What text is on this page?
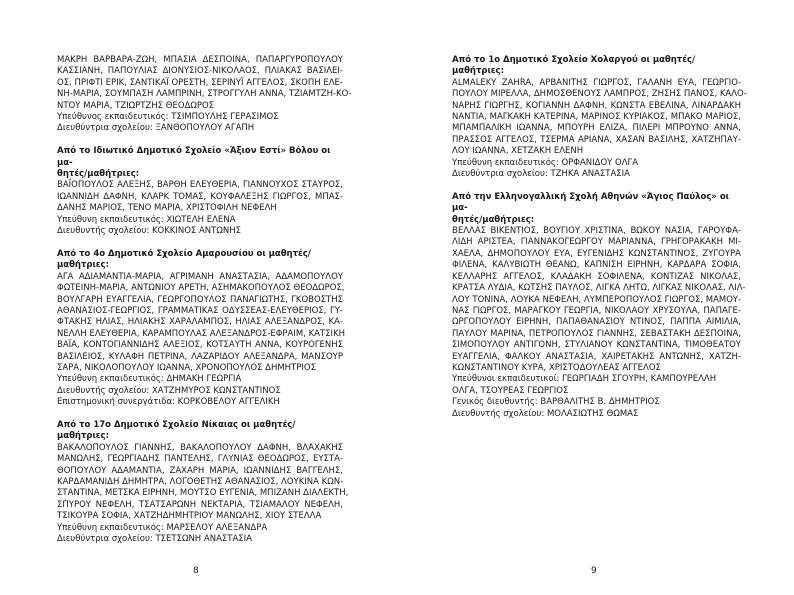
ΜΑΚΡΗ ΒΑΡΒΑΡΑ-ΖΩΗ, ΜΠΑΣΙΑ ΔΕΣΠΟΙΝΑ, ΠΑΠΑΡΓΥΡΟΠΟΥΛΟΥ
ΚΑΣΣΙΑΝΗ, ΠΑΠΟΥΛΙΑΣ ΔΙΟΝΥΣΙΟΣ-ΝΙΚΟΛΑΟΣ, ΠΛΙΑΚΑΣ ΒΑΣΙΛΕΙ-
ΟΣ, ΠΡΙΦΤΙ ΕΡΙΚ, ΣΑΝΤΙΚΑΪ ΟΡΕΣΤΗ, ΣΕΡΙΝΥΪ ΑΓΓΕΛΟΣ, ΣΚΟΠΗ ΕΛΕ-
ΝΗ-ΜΑΡΙΑ, ΣΟΥΜΠΑΣΗ ΛΑΜΠΡΙΝΗ, ΣΤΡΟΓΓΥΛΗ ΑΝΝΑ, ΤΖΙΑΜΤΖΗ-ΚΟ-
ΝΤΟΥ ΜΑΡΙΑ, ΤΖΙΩΡΤΖΗΣ ΘΕΟΔΩΡΟΣ
Υπεύθυνος εκπαιδευτικός: ΤΣΙΜΠΟΥΛΗΣ ΓΕΡΑΣΙΜΟΣ
Διευθύντρια σχολείου: ΞΑΝΘΟΠΟΥΛΟΥ ΑΓΑΠΗ
Από το Ιδιωτικό Δημοτικό Σχολείο «Άξιον Εστί» Βόλου οι μα-
θητές/μαθήτριες:
ΒΑΪΟΠΟΥΛΟΣ ΑΛΕΞΗΣ, ΒΑΡΘΗ ΕΛΕΥΘΕΡΙΑ, ΓΙΑΝΝΟΥΧΟΣ ΣΤΑΥΡΟΣ,
ΙΩΑΝΝΙΔΗ ΔΑΦΝΗ, ΚΛΑΡΚ ΤΟΜΑΣ, ΚΟΥΦΑΛΕΞΗΣ ΓΙΩΡΓΟΣ, ΜΠΑΣ-
ΔΑΝΗΣ ΜΑΡΙΟΣ, ΤΕΝΟ ΜΑΡΙΑ, ΧΡΙΣΤΟΦΙΛΗ ΝΕΦΕΛΗ
Υπεύθυνη εκπαιδευτικός: ΧΙΩΤΕΛΗ ΕΛΕΝΑ
Διευθυντής σχολείου: ΚΟΚΚΙΝΟΣ ΑΝΤΩΝΗΣ
Από το 4ο Δημοτικό Σχολείο Αμαρουσίου οι μαθητές/μαθήτριες:
ΑΓΑ ΑΔΙΑΜΑΝΤΙΑ-ΜΑΡΙΑ, ΑΓΡΙΜΑΝΗ ΑΝΑΣΤΑΣΙΑ, ΑΔΑΜΟΠΟΥΛΟΥ
ΦΩΤΕΙΝΗ-ΜΑΡΙΑ, ΑΝΤΩΝΙΟΥ ΑΡΕΤΗ, ΑΣΗΜΑΚΟΠΟΥΛΟΣ ΘΕΟΔΩΡΟΣ,
ΒΟΥΛΓΑΡΗ ΕΥΑΓΓΕΛΙΑ, ΓΕΩΡΓΟΠΟΥΛΟΣ ΠΑΝΑΓΙΩΤΗΣ, ΓΚΟΒΟΣΤΗΣ
ΑΘΑΝΑΣΙΟΣ-ΓΕΩΡΓΙΟΣ, ΓΡΑΜΜΑΤΙΚΑΣ ΟΔΥΣΣΕΑΣ-ΕΛΕΥΘΕΡΙΟΣ, ΓΥ-
ΦΤΑΚΗΣ ΗΛΙΑΣ, ΗΛΙΑΚΗΣ ΧΑΡΑΛΑΜΠΟΣ, ΗΛΙΑΣ ΑΛΕΞΑΝΔΡΟΣ, ΚΑ-
ΝΕΛΛΗ ΕΛΕΥΘΕΡΙΑ, ΚΑΡΑΜΠΟΥΛΑΣ ΑΛΕΞΑΝΔΡΟΣ-ΕΦΡΑΙΜ, ΚΑΤΣΙΚΗ
ΒΑΪΑ, ΚΟΝΤΟΓΙΑΝΝΙΔΗΣ ΑΛΕΞΙΟΣ, ΚΟΤΣΑΥΤΗ ΑΝΝΑ, ΚΟΥΡΟΓΕΝΗΣ
ΒΑΣΙΛΕΙΟΣ, ΚΥΛΑΦΗ ΠΕΤΡΙΝΑ, ΛΑΖΑΡΙΔΟΥ ΑΛΕΞΑΝΔΡΑ, ΜΑΝΣΟΥΡ
ΣΑΡΑ, ΝΙΚΟΛΟΠΟΥΛΟΥ ΙΩΑΝΝΑ, ΧΡΟΝΟΠΟΥΛΟΣ ΔΗΜΗΤΡΙΟΣ
Υπεύθυνη εκπαιδευτικός: ΔΗΜΑΚΗ ΓΕΩΡΓΙΑ
Διευθυντής σχολείου: ΧΑΤΖΗΜΥΡΟΣ ΚΩΝΣΤΑΝΤΙΝΟΣ
Επιστημονική συνεργάτιδα: ΚΟΡΚΟΒΕΛΟΥ ΑΓΓΕΛΙΚΗ
Από το 17ο Δημοτικό Σχολείο Νίκαιας οι μαθητές/μαθήτριες:
ΒΑΚΑΛΟΠΟΥΛΟΣ ΓΙΑΝΝΗΣ, ΒΑΚΑΛΟΠΟΥΛΟΥ ΔΑΦΝΗ, ΒΛΑΧΑΚΗΣ
ΜΑΝΩΛΗΣ, ΓΕΩΡΓΙΑΔΗΣ ΠΑΝΤΕΛΗΣ, ΓΛΥΝΙΑΣ ΘΕΟΔΩΡΟΣ, ΕΥΣΤΑ-
ΘΟΠΟΥΛΟΥ ΑΔΑΜΑΝΤΙΑ, ΖΑΧΑΡΗ ΜΑΡΙΑ, ΙΩΑΝΝΙΔΗΣ ΒΑΓΓΕΛΗΣ,
ΚΑΡΔΑΜΑΝΙΔΗ ΔΗΜΗΤΡΑ, ΛΟΓΟΘΕΤΗΣ ΑΘΑΝΑΣΙΟΣ, ΛΟΥΚΙΝΑ ΚΩΝ-
ΣΤΑΝΤΙΝΑ, ΜΕΤΣΚΑ ΕΙΡΗΝΗ, ΜΟΥΤΣΟ ΕΥΓΕΝΙΑ, ΜΠΙΖΑΝΗ ΔΙΑΛΕΚΤΗ,
ΣΠΥΡΟΥ ΝΕΦΕΛΗ, ΤΣΑΤΣΑΡΩΝΗ ΝΕΚΤΑΡΙΑ, ΤΣΙΑΜΑΛΟΥ ΝΕΦΕΛΗ,
ΤΣΙΚΟΥΡΑ ΣΟΦΙΑ, ΧΑΤΖΗΔΗΜΗΤΡΙΟΥ ΜΑΝΩΛΗΣ, ΧΙΟΥ ΣΤΕΛΛΑ
Υπεύθυνη εκπαιδευτικός: ΜΑΡΣΕΛΟΥ ΑΛΕΞΑΝΔΡΑ
Διευθύντρια σχολείου: ΤΣΕΤΣΩΝΗ ΑΝΑΣΤΑΣΙΑ
8
Από το 1ο Δημοτικό Σχολείο Χολαργού οι μαθητές/μαθήτριες:
ALMALEKY ZAHRA, ΑΡΒΑΝΙΤΗΣ ΓΙΩΡΓΟΣ, ΓΑΛΑΝΗ ΕΥΑ, ΓΕΩΡΓΙΟ-
ΠΟΥΛΟΥ ΜΙΡΕΛΛΑ, ΔΗΜΟΣΘΕΝΟΥΣ ΛΑΜΠΡΟΣ, ΖΗΣΗΣ ΠΑΝΟΣ, ΚΑΛΟ-
ΝΑΡΗΣ ΓΙΩΡΓΗΣ, ΚΟΓΙΑΝΝΗ ΔΑΦΝΗ, ΚΩΝΣΤΑ ΕΒΕΛΙΝΑ, ΛΙΝΑΡΔΑΚΗ
ΝΑΝΤΙΑ, ΜΑΓΚΑΚΗ ΚΑΤΕΡΙΝΑ, ΜΑΡΙΝΟΣ ΚΥΡΙΑΚΟΣ, ΜΠΑΚΟ ΜΑΡΙΟΣ,
ΜΠΑΜΠΑΛΙΚΗ ΙΩΑΝΝΑ, ΜΠΟΥΡΗ ΕΛΙΖΑ, ΠΙΛΕΡΙ ΜΠΡΟΥΝΟ ΑΝΝΑ,
ΠΡΑΣΣΟΣ ΑΓΓΕΛΟΣ, ΤΣΕΡΜΑ ΑΡΙΑΝΑ, ΧΑΣΑΝ ΒΑΣΙΛΗΣ, ΧΑΤΖΗΠΑΥ-
ΛΟΥ ΙΩΑΝΝΑ, ΧΕΤΖΑΚΗ ΕΛΕΝΗ
Υπεύθυνη εκπαιδευτικός: ΟΡΦΑΝΙΔΟΥ ΟΛΓΑ
Διευθύντρια σχολείου: ΤΖΗΚΑ ΑΝΑΣΤΑΣΙΑ
Από την Ελληνογαλλική Σχολή Αθηνών «Άγιος Παύλος» οι μα-
θητές/μαθήτριες:
ΒΕΛΛΑΣ ΒΙΚΕΝΤΙΟΣ, ΒΟΥΓΙΟΥ ΧΡΙΣΤΙΝΑ, ΒΩΚΟΥ ΝΑΣΙΑ, ΓΑΡΟΥΦΑ-
ΛΙΔΗ ΑΡΙΣΤΕΑ, ΓΙΑΝΝΑΚΟΓΕΩΡΓΟΥ ΜΑΡΙΑΝΝΑ, ΓΡΗΓΟΡΑΚΑΚΗ ΜΙ-
ΧΑΕΛΑ, ΔΗΜΟΠΟΥΛΟΥ ΕΥΑ, ΕΥΓΕΝΙΔΗΣ ΚΩΝΣΤΑΝΤΙΝΟΣ, ΖΥΓΟΥΡΑ
ΦΙΛΕΝΑ, ΚΑΛΥΒΙΩΤΗ ΘΕΑΝΩ, ΚΑΠΝΙΣΗ ΕΙΡΗΝΗ, ΚΑΡΔΑΡΑ ΣΟΦΙΑ,
ΚΕΛΛΑΡΗΣ ΑΓΓΕΛΟΣ, ΚΛΑΔΑΚΗ ΣΟΦΙΛΕΝΑ, ΚΟΝΤΙΖΑΣ ΝΙΚΟΛΑΣ,
ΚΡΑΤΣΑ ΛΥΔΙΑ, ΚΩΤΣΗΣ ΠΑΥΛΟΣ, ΛΙΓΚΑ ΛΗΤΩ, ΛΙΓΚΑΣ ΝΙΚΟΛΑΣ, ΛΙΛ-
ΛΟΥ ΤΟΝΙΝΑ, ΛΟΥΚΑ ΝΕΦΕΛΗ, ΛΥΜΠΕΡΟΠΟΥΛΟΣ ΓΙΩΡΓΟΣ, ΜΑΜΟΥ-
ΝΑΣ ΓΙΩΡΓΟΣ, ΜΑΡΑΓΚΟΥ ΓΕΩΡΓΙΑ, ΝΙΚΟΛΑΟΥ ΧΡΥΣΟΥΛΑ, ΠΑΠΑΓΕ-
ΩΡΓΟΠΟΥΛΟΥ ΕΙΡΗΝΗ, ΠΑΠΑΘΑΝΑΣΙΟΥ ΝΤΙΝΟΣ, ΠΑΠΠΑ ΑΙΜΙΛΙΑ,
ΠΑΥΛΟΥ ΜΑΡΙΝΑ, ΠΕΤΡΟΠΟΥΛΟΣ ΓΙΑΝΝΗΣ, ΣΕΒΑΣΤΑΚΗ ΔΕΣΠΟΙΝΑ,
ΣΙΜΟΠΟΥΛΟΥ ΑΝΤΙΓΟΝΗ, ΣΤΥΛΙΑΝΟΥ ΚΩΝΣΤΑΝΤΙΝΑ, ΤΙΜΟΘΕΑΤΟΥ
ΕΥΑΓΓΕΛΙΑ, ΦΑΛΚΟΥ ΑΝΑΣΤΑΣΙΑ, ΧΑΙΡΕΤΑΚΗΣ ΑΝΤΩΝΗΣ, ΧΑΤΖΗ-
ΚΩΝΣΤΑΝΤΙΝΟΥ ΚΥΡΑ, ΧΡΙΣΤΟΔΟΥΛΕΑΣ ΑΓΓΕΛΟΣ
Υπεύθυνοι εκπαιδευτικοί: ΓΕΩΡΓΙΑΔΗ ΣΓΟΥΡΗ, ΚΑΜΠΟΥΡΕΛΛΗ
ΟΛΓΑ, ΤΣΟΥΡΕΑΣ ΓΕΩΡΓΙΟΣ
Γενικός διευθυντής: ΒΑΡΘΑΛΙΤΗΣ Β. ΔΗΜΗΤΡΙΟΣ
Διευθυντής σχολείου: ΜΟΛΑΣΙΩΤΗΣ ΘΩΜΑΣ
9
